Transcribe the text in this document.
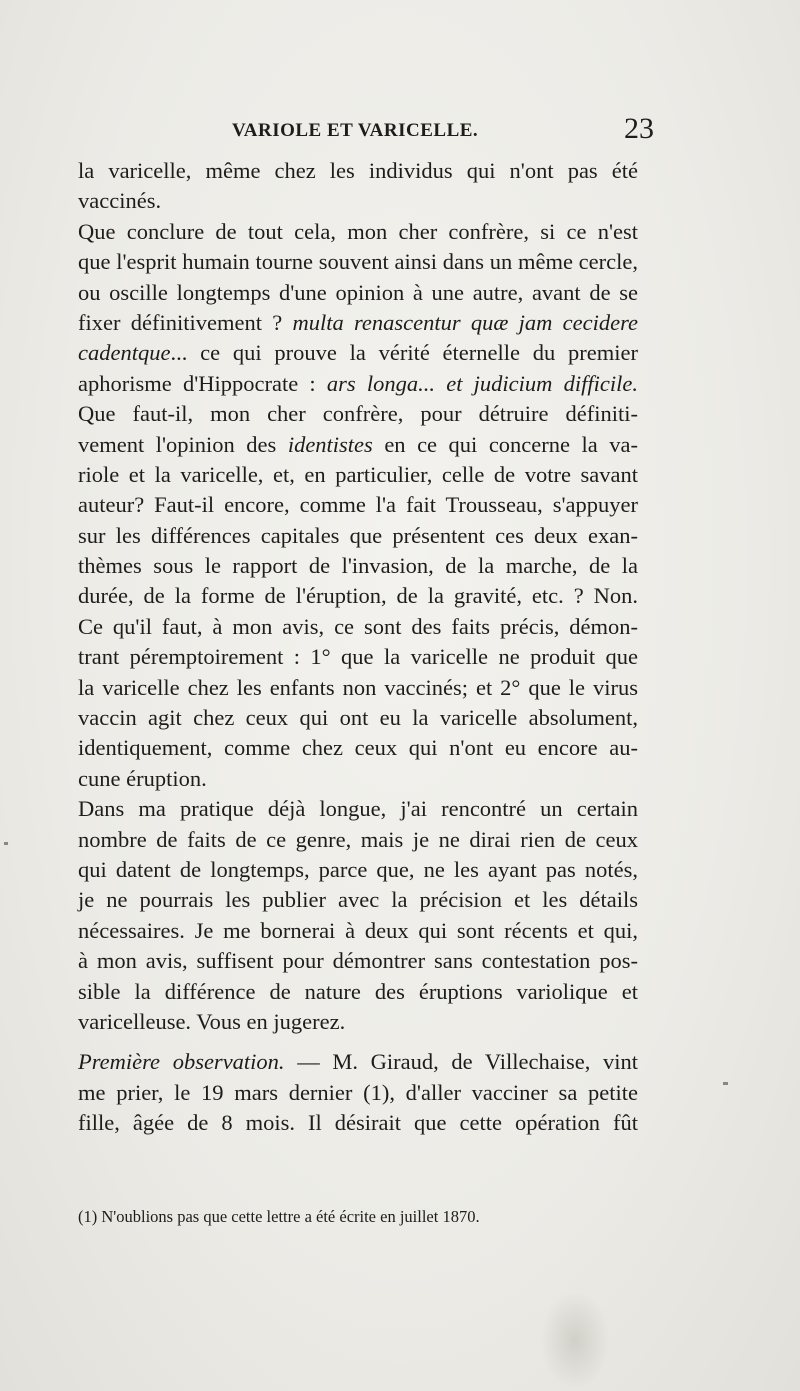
VARIOLE ET VARICELLE.	23
la varicelle, même chez les individus qui n'ont pas été
vaccinés.
Que conclure de tout cela, mon cher confrère, si ce n'est
que l'esprit humain tourne souvent ainsi dans un même cercle,
ou oscille longtemps d'une opinion à une autre, avant de se
fixer définitivement ? multa renascentur quæ jam cecidere
cadentque... ce qui prouve la vérité éternelle du premier
aphorisme d'Hippocrate : ars longa... et judicium difficile.
Que faut-il, mon cher confrère, pour détruire définiti-
vement l'opinion des identistes en ce qui concerne la va-
riole et la varicelle, et, en particulier, celle de votre savant
auteur? Faut-il encore, comme l'a fait Trousseau, s'appuyer
sur les différences capitales que présentent ces deux exan-
thèmes sous le rapport de l'invasion, de la marche, de la
durée, de la forme de l'éruption, de la gravité, etc. ? Non.
Ce qu'il faut, à mon avis, ce sont des faits précis, démon-
trant péremptoirement : 1° que la varicelle ne produit que
la varicelle chez les enfants non vaccinés; et 2° que le virus
vaccin agit chez ceux qui ont eu la varicelle absolument,
identiquement, comme chez ceux qui n'ont eu encore au-
cune éruption.
Dans ma pratique déjà longue, j'ai rencontré un certain
nombre de faits de ce genre, mais je ne dirai rien de ceux
qui datent de longtemps, parce que, ne les ayant pas notés,
je ne pourrais les publier avec la précision et les détails
nécessaires. Je me bornerai à deux qui sont récents et qui,
à mon avis, suffisent pour démontrer sans contestation pos-
sible la différence de nature des éruptions variolique et
varicelleuse. Vous en jugerez.
Première observation. — M. Giraud, de Villechaise, vint
me prier, le 19 mars dernier (1), d'aller vacciner sa petite
fille, âgée de 8 mois. Il désirait que cette opération fût
(1) N'oublions pas que cette lettre a été écrite en juillet 1870.
